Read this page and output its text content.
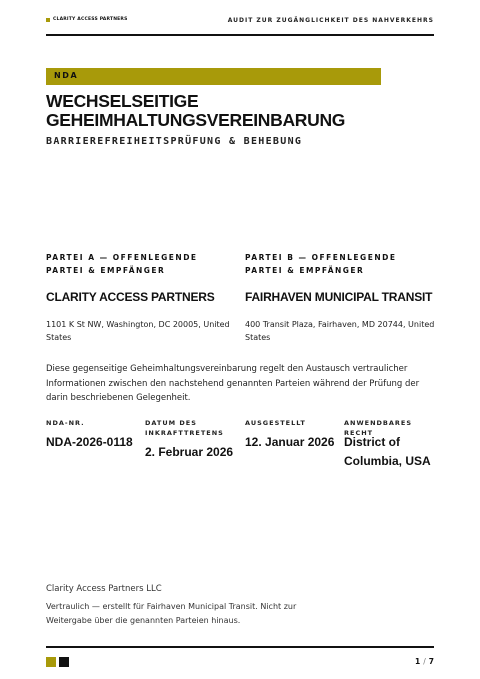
CLARITY ACCESS PARTNERS	AUDIT ZUR ZUGÄNGLICHKEIT DES NAHVERKEHRS
NDA
WECHSELSEITIGE
GEHEIMHALTUNGSVEREINBARUNG
BARRIEREFREIHEITSPRÜFUNG & BEHEBUNG
PARTEI A — OFFENLEGENDE PARTEI & EMPFÄNGER
CLARITY ACCESS PARTNERS
1101 K St NW, Washington, DC 20005, United States
PARTEI B — OFFENLEGENDE PARTEI & EMPFÄNGER
FAIRHAVEN MUNICIPAL TRANSIT
400 Transit Plaza, Fairhaven, MD 20744, United States
Diese gegenseitige Geheimhaltungsvereinbarung regelt den Austausch vertraulicher Informationen zwischen den nachstehend genannten Parteien während der Prüfung der darin beschriebenen Gelegenheit.
NDA-NR.
NDA-2026-0118
DATUM DES INKRAFTTRETENS
2. Februar 2026
AUSGESTELLT
12. Januar 2026
ANWENDBARES RECHT
District of Columbia, USA
Clarity Access Partners LLC
Vertraulich — erstellt für Fairhaven Municipal Transit. Nicht zur Weitergabe über die genannten Parteien hinaus.
1 / 7
